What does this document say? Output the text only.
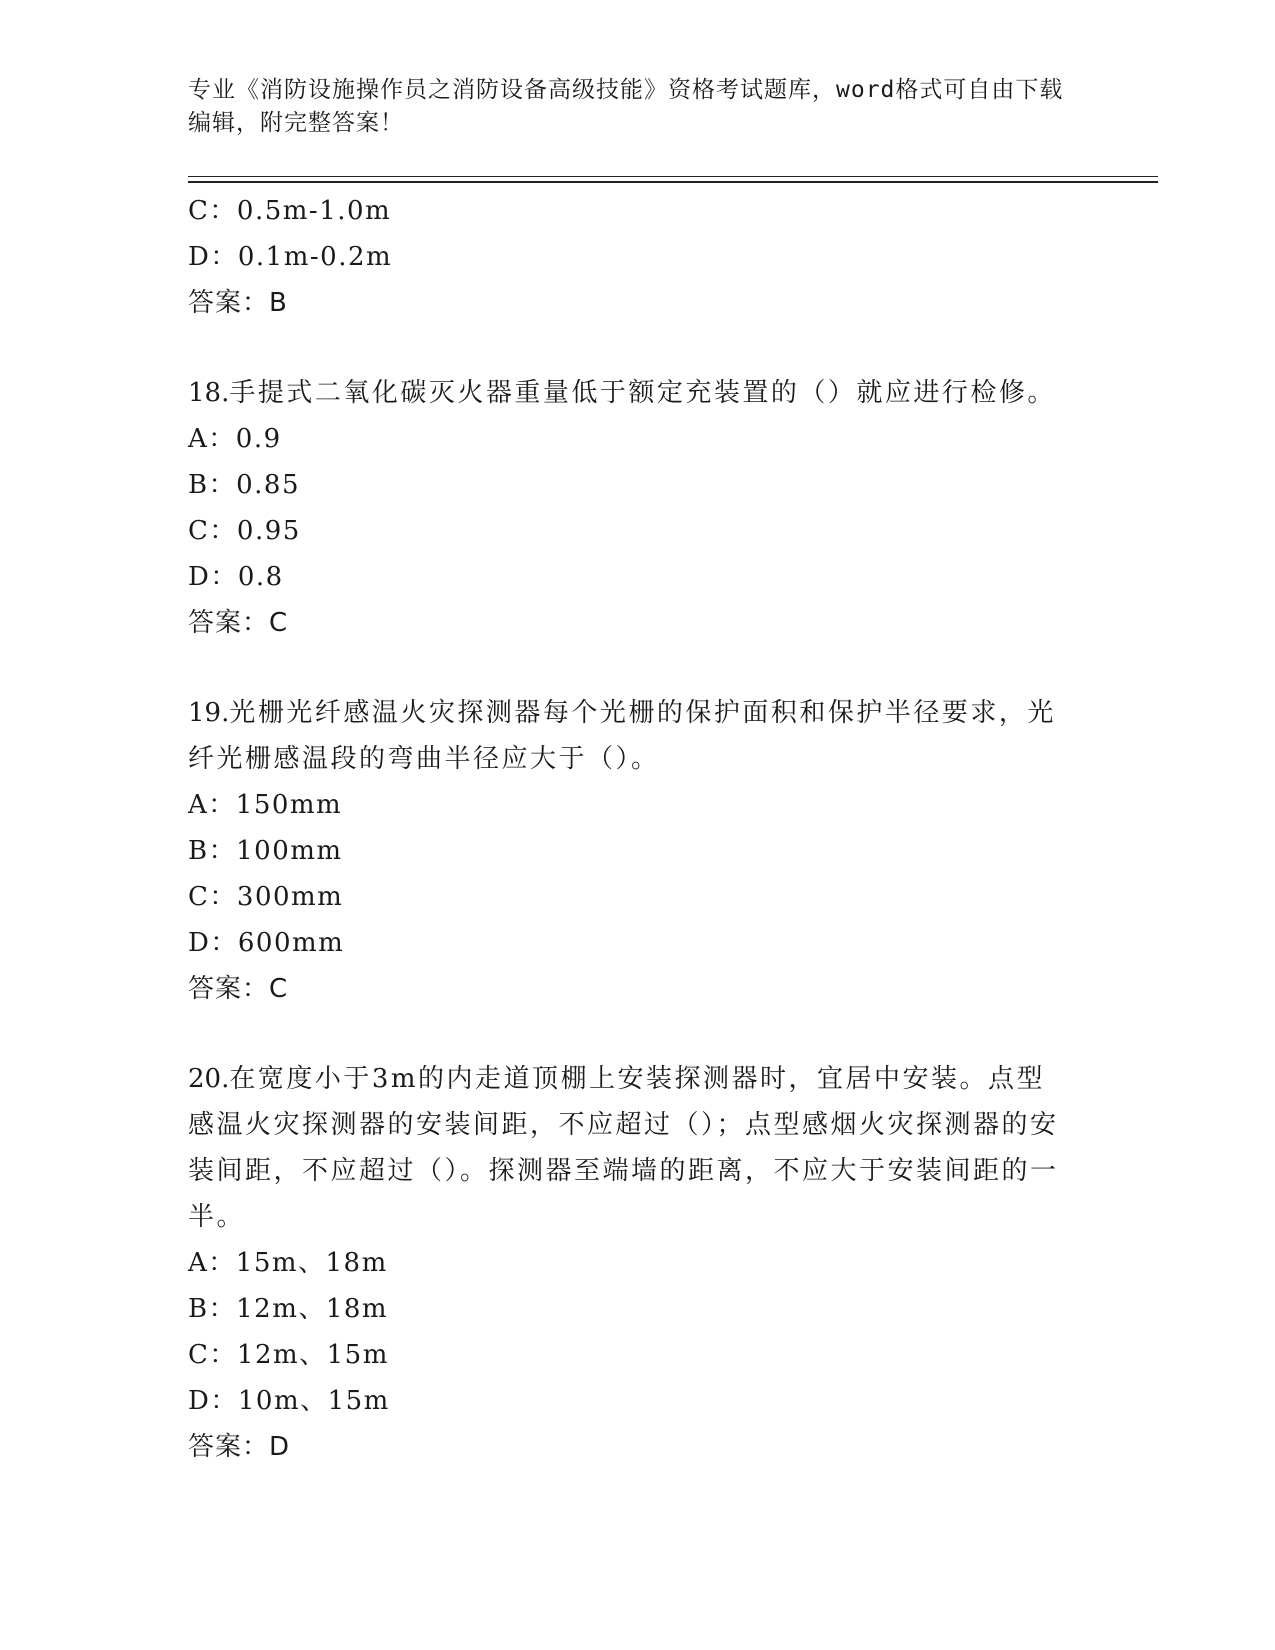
专业《消防设施操作员之消防设备高级技能》资格考试题库，word格式可自由下载编辑，附完整答案！
C：0.5m-1.0m
D：0.1m-0.2m
答案：B
18.手提式二氧化碳灭火器重量低于额定充装置的（）就应进行检修。
A：0.9
B：0.85
C：0.95
D：0.8
答案：C
19.光栅光纤感温火灾探测器每个光栅的保护面积和保护半径要求，光纤光栅感温段的弯曲半径应大于（）。
A：150mm
B：100mm
C：300mm
D：600mm
答案：C
20.在宽度小于3m的内走道顶棚上安装探测器时，宜居中安装。点型感温火灾探测器的安装间距，不应超过（）；点型感烟火灾探测器的安装间距，不应超过（）。探测器至端墙的距离，不应大于安装间距的一半。
A：15m、18m
B：12m、18m
C：12m、15m
D：10m、15m
答案：D
